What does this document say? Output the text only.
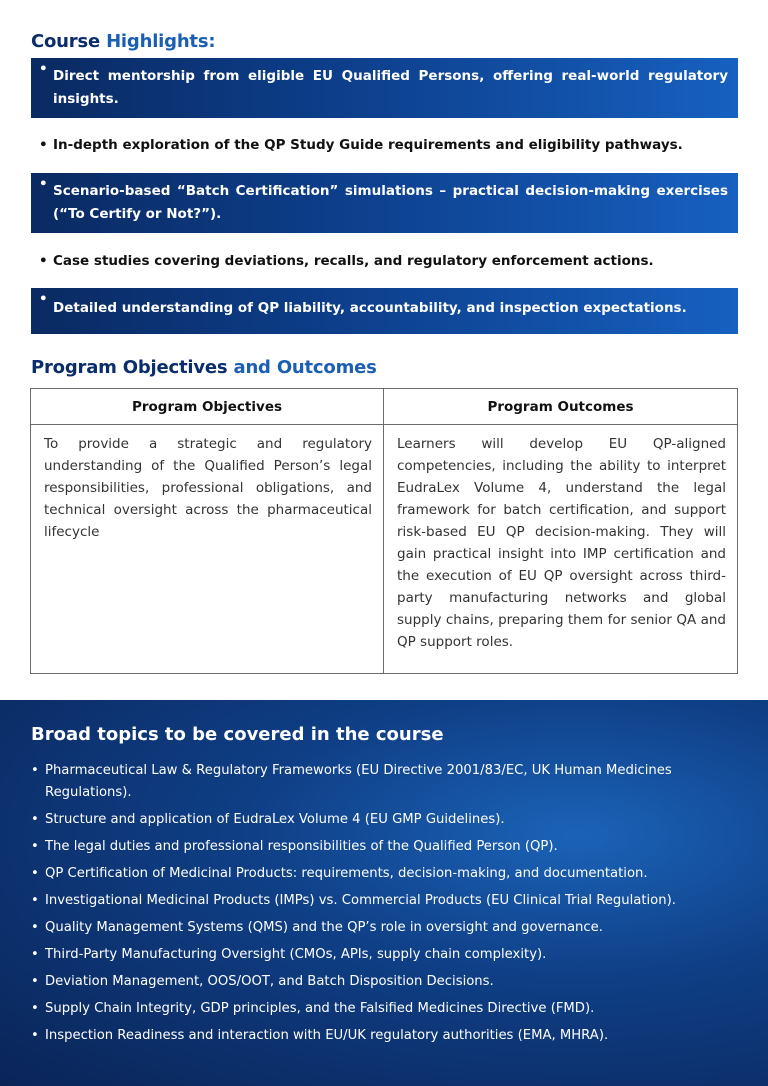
Course Highlights:
• Direct mentorship from eligible EU Qualified Persons, offering real-world regulatory insights.
• In-depth exploration of the QP Study Guide requirements and eligibility pathways.
• Scenario-based “Batch Certification” simulations – practical decision-making exercises (“To Certify or Not?”).
• Case studies covering deviations, recalls, and regulatory enforcement actions.
•
Detailed understanding of QP liability, accountability, and inspection expectations.
Program Objectives and Outcomes
Program Objectives	Program Outcomes
To provide a strategic and regulatory understanding of the Qualified Person’s legal responsibilities, professional obligations, and technical oversight across the pharmaceutical lifecycle	Learners will develop EU QP-aligned competencies, including the ability to interpret EudraLex Volume 4, understand the legal framework for batch certification, and support risk-based EU QP decision-making. They will gain practical insight into IMP certification and the execution of EU QP oversight across third-party manufacturing networks and global supply chains, preparing them for senior QA and QP support roles.
Broad topics to be covered in the course
• Pharmaceutical Law & Regulatory Frameworks (EU Directive 2001/83/EC, UK Human Medicines Regulations).
• Structure and application of EudraLex Volume 4 (EU GMP Guidelines).
• The legal duties and professional responsibilities of the Qualified Person (QP).
• QP Certification of Medicinal Products: requirements, decision-making, and documentation.
• Investigational Medicinal Products (IMPs) vs. Commercial Products (EU Clinical Trial Regulation).
• Quality Management Systems (QMS) and the QP’s role in oversight and governance.
• Third-Party Manufacturing Oversight (CMOs, APIs, supply chain complexity).
• Deviation Management, OOS/OOT, and Batch Disposition Decisions.
• Supply Chain Integrity, GDP principles, and the Falsified Medicines Directive (FMD).
• Inspection Readiness and interaction with EU/UK regulatory authorities (EMA, MHRA).
